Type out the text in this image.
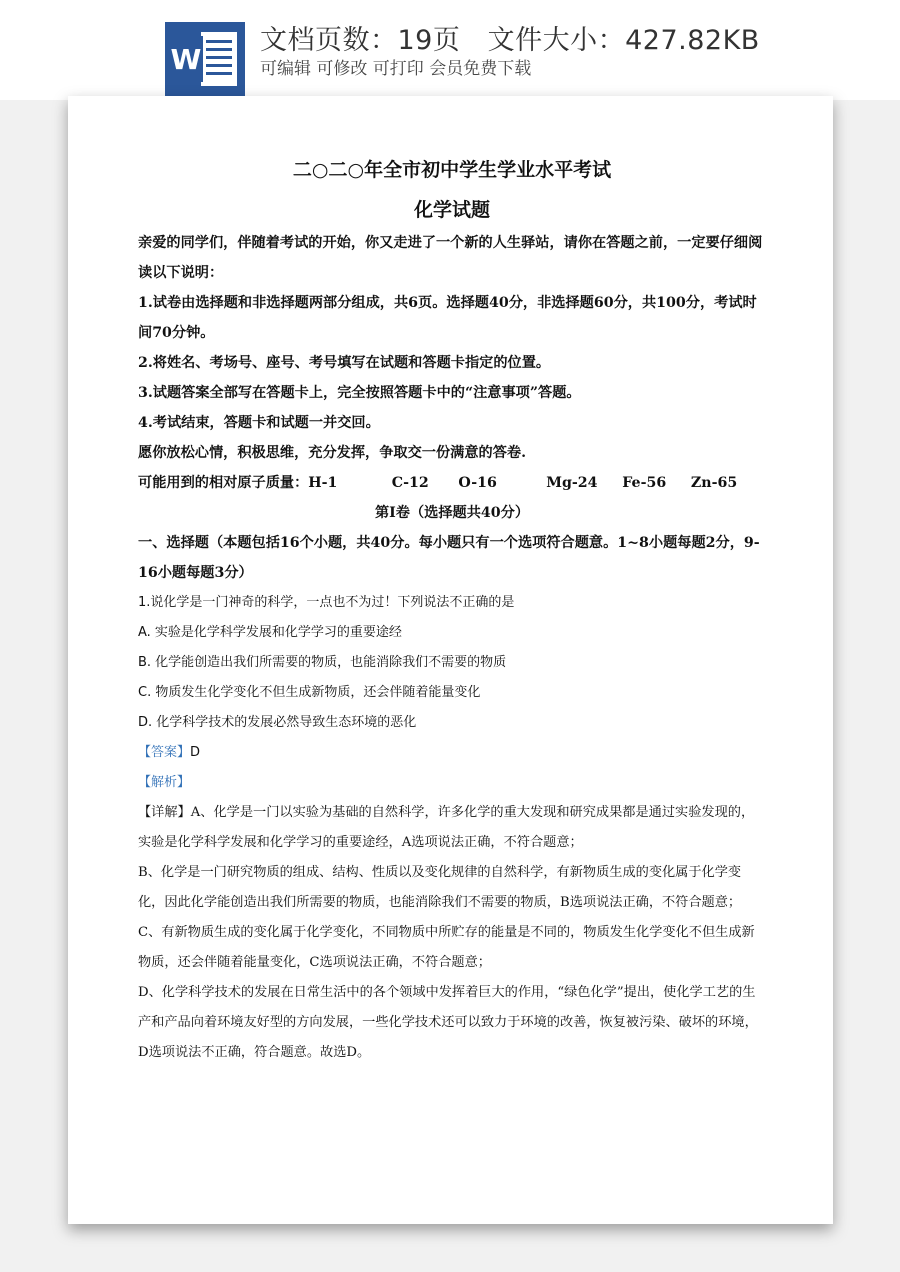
W
文档页数：19页 文件大小：427.82KB
可编辑 可修改 可打印 会员免费下载
二○二○年全市初中学生学业水平考试
化学试题

亲爱的同学们，伴随着考试的开始，你又走进了一个新的人生驿站，请你在答题之前，一定要仔细阅读以下说明：

1.试卷由选择题和非选择题两部分组成，共6页。选择题40分，非选择题60分，共100分，考试时间70分钟。

2.将姓名、考场号、座号、考号填写在试题和答题卡指定的位置。

3.试题答案全部写在答题卡上，完全按照答题卡中的“注意事项”答题。

4.考试结束，答题卡和试题一并交回。

愿你放松心情，积极思维，充分发挥，争取交一份满意的答卷.

可能用到的相对原子质量：H-1	C-12 O-16	Mg-24 Fe-56 Zn-65
第Ⅰ卷（选择题共40分）
一、选择题（本题包括16个小题，共40分。每小题只有一个选项符合题意。1~8小题每题2分，9-16小题每题3分）

1.说化学是一门神奇的科学，一点也不为过！下列说法不正确的是

A. 实验是化学科学发展和化学学习的重要途经

B. 化学能创造出我们所需要的物质，也能消除我们不需要的物质

C. 物质发生化学变化不但生成新物质，还会伴随着能量变化

D. 化学科学技术的发展必然导致生态环境的恶化

【答案】D

【解析】

【详解】A、化学是一门以实验为基础的自然科学，许多化学的重大发现和研究成果都是通过实验发现的，实验是化学科学发展和化学学习的重要途经，A选项说法正确，不符合题意；

B、化学是一门研究物质的组成、结构、性质以及变化规律的自然科学，有新物质生成的变化属于化学变化，因此化学能创造出我们所需要的物质，也能消除我们不需要的物质，B选项说法正确，不符合题意；

C、有新物质生成的变化属于化学变化，不同物质中所贮存的能量是不同的，物质发生化学变化不但生成新物质，还会伴随着能量变化，C选项说法正确，不符合题意；

D、化学科学技术的发展在日常生活中的各个领域中发挥着巨大的作用，“绿色化学”提出，使化学工艺的生产和产品向着环境友好型的方向发展，一些化学技术还可以致力于环境的改善，恢复被污染、破坏的环境，D选项说法不正确，符合题意。故选D。
